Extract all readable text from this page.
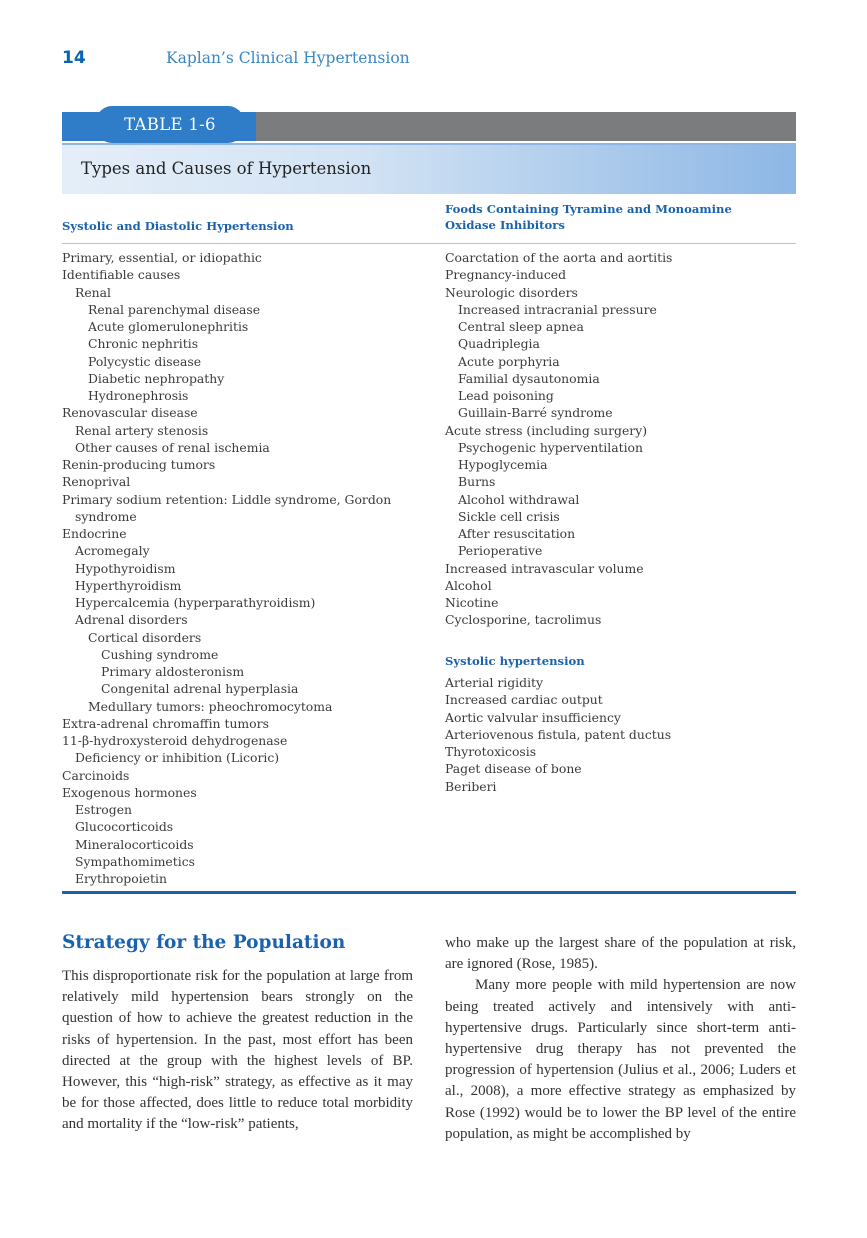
14	Kaplan’s Clinical Hypertension
TABLE 1-6
Types and Causes of Hypertension
Systolic and Diastolic Hypertension
Foods Containing Tyramine and Monoamine
Oxidase Inhibitors
Primary, essential, or idiopathic
Identifiable causes
Renal
Renal parenchymal disease
Acute glomerulonephritis
Chronic nephritis
Polycystic disease
Diabetic nephropathy
Hydronephrosis
Renovascular disease
Renal artery stenosis
Other causes of renal ischemia
Renin-producing tumors
Renoprival
Primary sodium retention: Liddle syndrome, Gordon syndrome
Endocrine
Acromegaly
Hypothyroidism
Hyperthyroidism
Hypercalcemia (hyperparathyroidism)
Adrenal disorders
Cortical disorders
Cushing syndrome
Primary aldosteronism
Congenital adrenal hyperplasia
Medullary tumors: pheochromocytoma
Extra-adrenal chromaffin tumors
11-β-hydroxysteroid dehydrogenase
Deficiency or inhibition (Licoric)
Carcinoids
Exogenous hormones
Estrogen
Glucocorticoids
Mineralocorticoids
Sympathomimetics
Erythropoietin
Coarctation of the aorta and aortitis
Pregnancy-induced
Neurologic disorders
Increased intracranial pressure
Central sleep apnea
Quadriplegia
Acute porphyria
Familial dysautonomia
Lead poisoning
Guillain-Barré syndrome
Acute stress (including surgery)
Psychogenic hyperventilation
Hypoglycemia
Burns
Alcohol withdrawal
Sickle cell crisis
After resuscitation
Perioperative
Increased intravascular volume
Alcohol
Nicotine
Cyclosporine, tacrolimus
Systolic hypertension
Arterial rigidity
Increased cardiac output
Aortic valvular insufficiency
Arteriovenous fistula, patent ductus
Thyrotoxicosis
Paget disease of bone
Beriberi
Strategy for the Population

This disproportionate risk for the population at large from relatively mild hypertension bears strongly on the question of how to achieve the greatest reduction in the risks of hypertension. In the past, most effort has been directed at the group with the highest levels of BP. However, this “high-risk” strategy, as effective as it may be for those affected, does little to reduce total morbidity and mortality if the “low-risk” patients,

who make up the largest share of the population at risk, are ignored (Rose, 1985).

Many more people with mild hypertension are now being treated actively and intensively with anti-hypertensive drugs. Particularly since short-term anti-hypertensive drug therapy has not prevented the progression of hypertension (Julius et al., 2006; Luders et al., 2008), a more effective strategy as emphasized by Rose (1992) would be to lower the BP level of the entire population, as might be accomplished by
